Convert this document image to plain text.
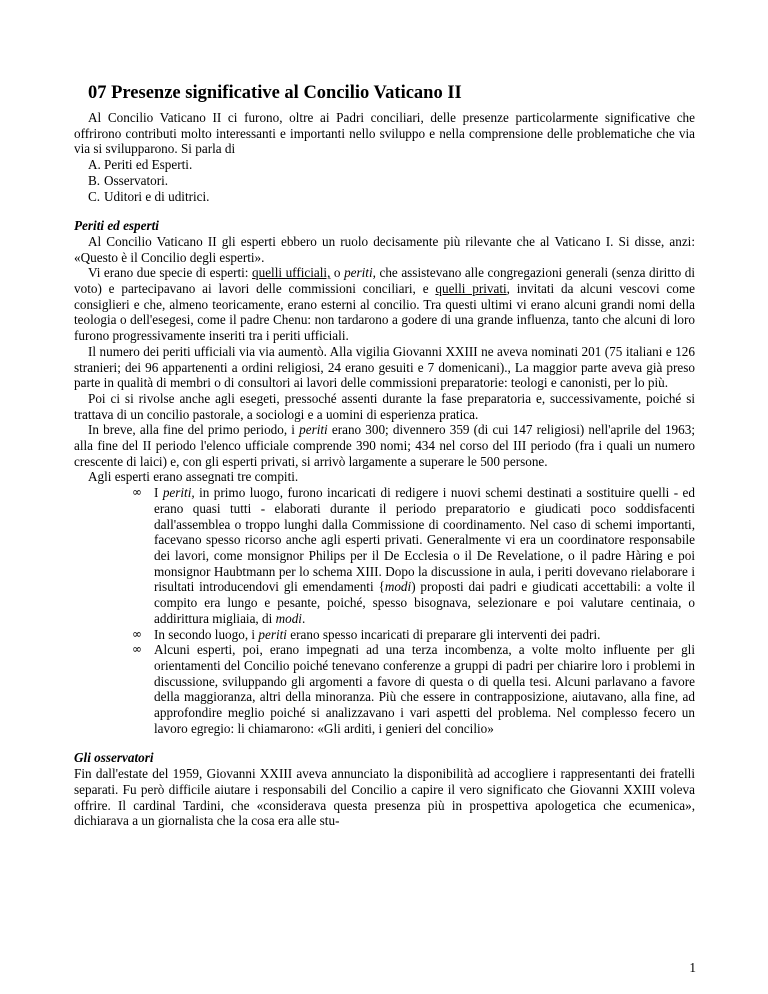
07 Presenze significative al Concilio Vaticano II

Al Concilio Vaticano II ci furono, oltre ai Padri conciliari, delle presenze particolarmente significative che offrirono contributi molto interessanti e importanti nello sviluppo e nella comprensione delle problematiche che via via si svilupparono. Si parla di

A. Periti ed Esperti.
B. Osservatori.
C. Uditori e di uditrici.
Periti ed esperti

Al Concilio Vaticano II gli esperti ebbero un ruolo decisamente più rilevante che al Vaticano I. Si disse, anzi: «Questo è il Concilio degli esperti».

Vi erano due specie di esperti: quelli ufficiali, o periti, che assistevano alle congregazioni generali (senza diritto di voto) e partecipavano ai lavori delle commissioni conciliari, e quelli privati, invitati da alcuni vescovi come consiglieri e che, almeno teoricamente, erano esterni al concilio. Tra questi ultimi vi erano alcuni grandi nomi della teologia o dell'esegesi, come il padre Chenu: non tardarono a godere di una grande influenza, tanto che alcuni di loro furono progressivamente inseriti tra i periti ufficiali.

Il numero dei periti ufficiali via via aumentò. Alla vigilia Giovanni XXIII ne aveva nominati 201 (75 italiani e 126 stranieri; dei 96 appartenenti a ordini religiosi, 24 erano gesuiti e 7 domenicani)., La maggior parte aveva già preso parte in qualità di membri o di consultori ai lavori delle commissioni preparatorie: teologi e canonisti, per lo più.

Poi ci si rivolse anche agli esegeti, pressoché assenti durante la fase preparatoria e, successivamente, poiché si trattava di un concilio pastorale, a sociologi e a uomini di esperienza pratica.

In breve, alla fine del primo periodo, i periti erano 300; divennero 359 (di cui 147 religiosi) nell'aprile del 1963; alla fine del II periodo l'elenco ufficiale comprende 390 nomi; 434 nel corso del III periodo (fra i quali un numero crescente di laici) e, con gli esperti privati, si arrivò largamente a superare le 500 persone.

Agli esperti erano assegnati tre compiti.

∞ I periti, in primo luogo, furono incaricati di redigere i nuovi schemi destinati a sostituire quelli - ed erano quasi tutti - elaborati durante il periodo preparatorio e giudicati poco soddisfacenti dall'assemblea o troppo lunghi dalla Commissione di coordinamento. Nel caso di schemi importanti, facevano spesso ricorso anche agli esperti privati. Generalmente vi era un coordinatore responsabile dei lavori, come monsignor Philips per il De Ecclesia o il De Revelatione, o il padre Hàring e poi monsignor Haubtmann per lo schema XIII. Dopo la discussione in aula, i periti dovevano rielaborare i risultati introducendovi gli emendamenti {modi) proposti dai padri e giudicati accettabili: a volte il compito era lungo e pesante, poiché, spesso bisognava, selezionare e poi valutare centinaia, o addirittura migliaia, di modi.
∞ In secondo luogo, i periti erano spesso incaricati di preparare gli interventi dei padri.
∞ Alcuni esperti, poi, erano impegnati ad una terza incombenza, a volte molto influente per gli orientamenti del Concilio poiché tenevano conferenze a gruppi di padri per chiarire loro i problemi in discussione, sviluppando gli argomenti a favore di questa o di quella tesi. Alcuni parlavano a favore della maggioranza, altri della minoranza. Più che essere in contrapposizione, aiutavano, alla fine, ad approfondire meglio poiché si analizzavano i vari aspetti del problema. Nel complesso fecero un lavoro egregio: li chiamarono: «Gli arditi, i genieri del concilio»
Gli osservatori

Fin dall'estate del 1959, Giovanni XXIII aveva annunciato la disponibilità ad accogliere i rappresentanti dei fratelli separati. Fu però difficile aiutare i responsabili del Concilio a capire il vero significato che Giovanni XXIII voleva offrire. Il cardinal Tardini, che «considerava questa presenza più in prospettiva apologetica che ecumenica», dichiarava a un giornalista che la cosa era alle stu-

1
